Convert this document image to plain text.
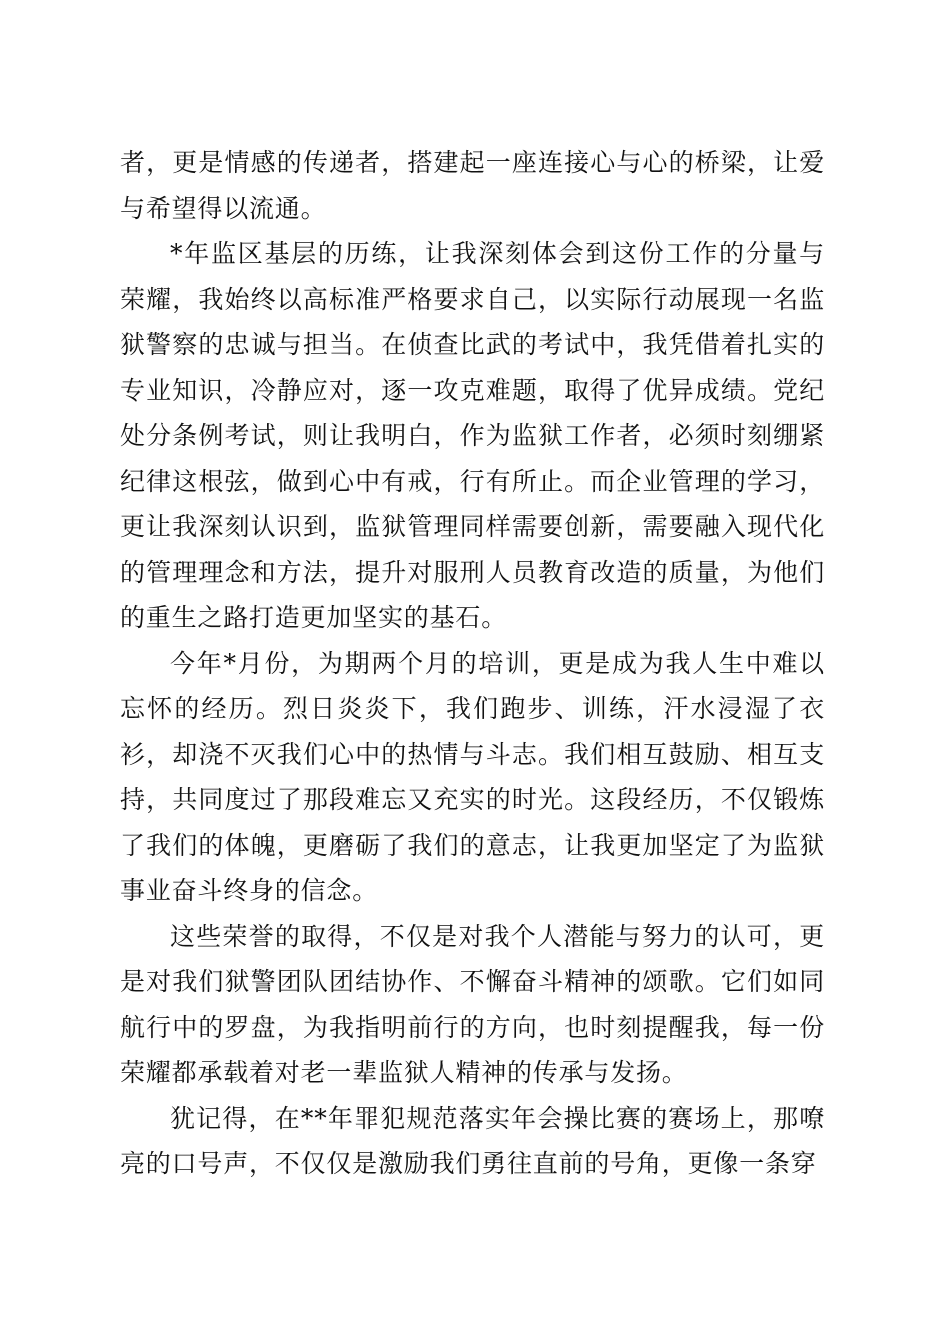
者，更是情感的传递者，搭建起一座连接心与心的桥梁，让爱与希望得以流通。

*年监区基层的历练，让我深刻体会到这份工作的分量与荣耀，我始终以高标准严格要求自己，以实际行动展现一名监狱警察的忠诚与担当。在侦查比武的考试中，我凭借着扎实的专业知识，冷静应对，逐一攻克难题，取得了优异成绩。党纪处分条例考试，则让我明白，作为监狱工作者，必须时刻绷紧纪律这根弦，做到心中有戒，行有所止。而企业管理的学习，更让我深刻认识到，监狱管理同样需要创新，需要融入现代化的管理理念和方法，提升对服刑人员教育改造的质量，为他们的重生之路打造更加坚实的基石。

今年*月份，为期两个月的培训，更是成为我人生中难以忘怀的经历。烈日炎炎下，我们跑步、训练，汗水浸湿了衣衫，却浇不灭我们心中的热情与斗志。我们相互鼓励、相互支持，共同度过了那段难忘又充实的时光。这段经历，不仅锻炼了我们的体魄，更磨砺了我们的意志，让我更加坚定了为监狱事业奋斗终身的信念。

这些荣誉的取得，不仅是对我个人潜能与努力的认可，更是对我们狱警团队团结协作、不懈奋斗精神的颂歌。它们如同航行中的罗盘，为我指明前行的方向，也时刻提醒我，每一份荣耀都承载着对老一辈监狱人精神的传承与发扬。

犹记得，在**年罪犯规范落实年会操比赛的赛场上，那嘹亮的口号声，不仅仅是激励我们勇往直前的号角，更像一条穿
